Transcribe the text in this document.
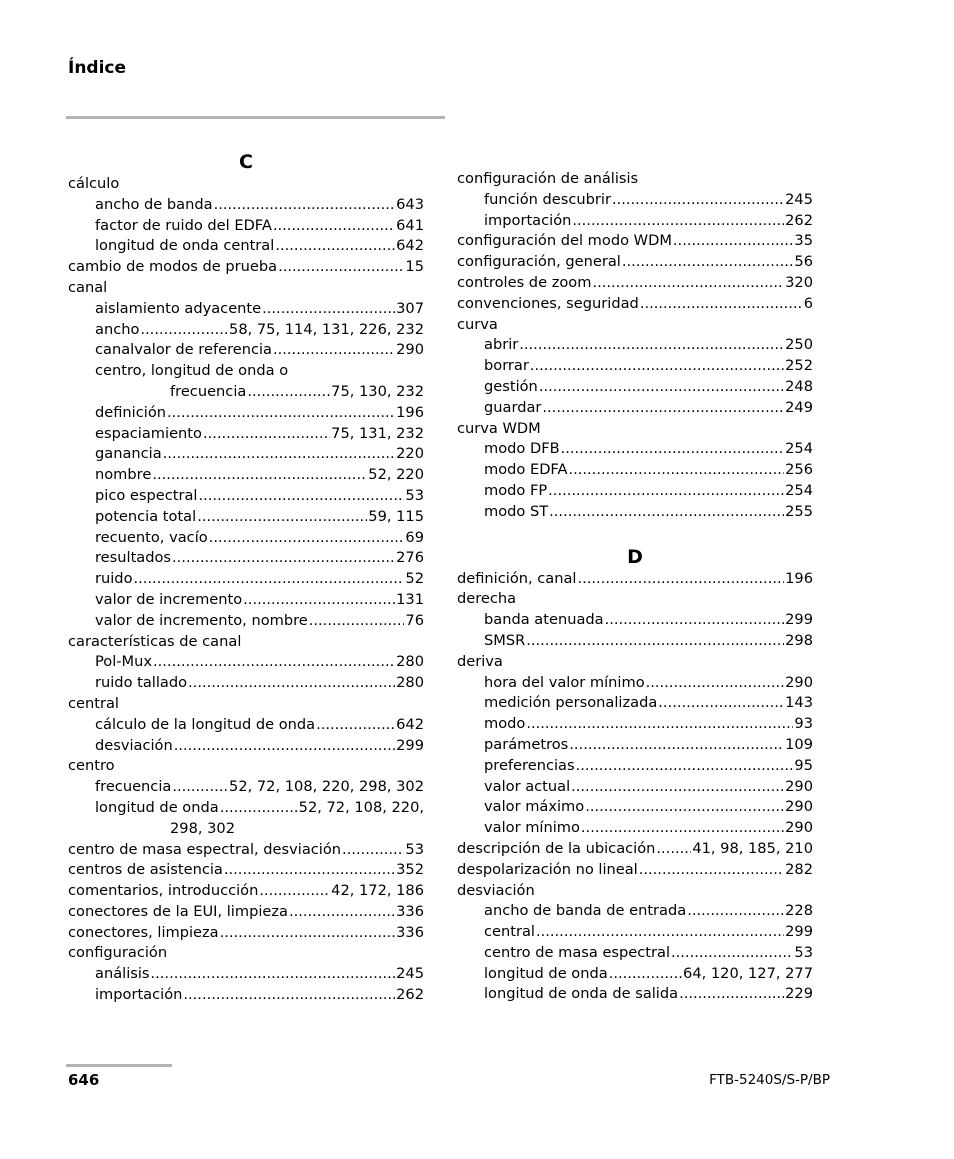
Índice
C
cálculo
ancho de banda .....	643
factor de ruido del EDFA .....	641
longitud de onda central .....	642
cambio de modos de prueba .....	15
canal
aislamiento adyacente .....	307
ancho .....	58, 75, 114, 131, 226, 232
canalvalor de referencia .....	290
centro, longitud de onda o
frecuencia .....	75, 130, 232
definición .....	196
espaciamiento .....	75, 131, 232
ganancia .....	220
nombre .....	52, 220
pico espectral .....	53
potencia total .....	59, 115
recuento, vacío .....	69
resultados .....	276
ruido .....	52
valor de incremento .....	131
valor de incremento, nombre .....	76
características de canal
Pol-Mux .....	280
ruido tallado .....	280
central
cálculo de la longitud de onda .....	642
desviación .....	299
centro
frecuencia .....	52, 72, 108, 220, 298, 302
longitud de onda .....	52, 72, 108, 220,
298, 302
centro de masa espectral, desviación .....	53
centros de asistencia .....	352
comentarios, introducción .....	42, 172, 186
conectores de la EUI, limpieza .....	336
conectores, limpieza .....	336
configuración
análisis .....	245
importación .....	262
configuración de análisis
función descubrir .....	245
importación .....	262
configuración del modo WDM .....	35
configuración, general .....	56
controles de zoom .....	320
convenciones, seguridad .....	6
curva
abrir .....	250
borrar .....	252
gestión .....	248
guardar .....	249
curva WDM
modo DFB .....	254
modo EDFA .....	256
modo FP .....	254
modo ST .....	255
D
definición, canal .....	196
derecha
banda atenuada .....	299
SMSR .....	298
deriva
hora del valor mínimo .....	290
medición personalizada .....	143
modo .....	93
parámetros .....	109
preferencias .....	95
valor actual .....	290
valor máximo .....	290
valor mínimo .....	290
descripción de la ubicación .....	41, 98, 185, 210
despolarización no lineal .....	282
desviación
ancho de banda de entrada .....	228
central .....	299
centro de masa espectral .....	53
longitud de onda .....	64, 120, 127, 277
longitud de onda de salida .....	229
646	FTB-5240S/S-P/BP
